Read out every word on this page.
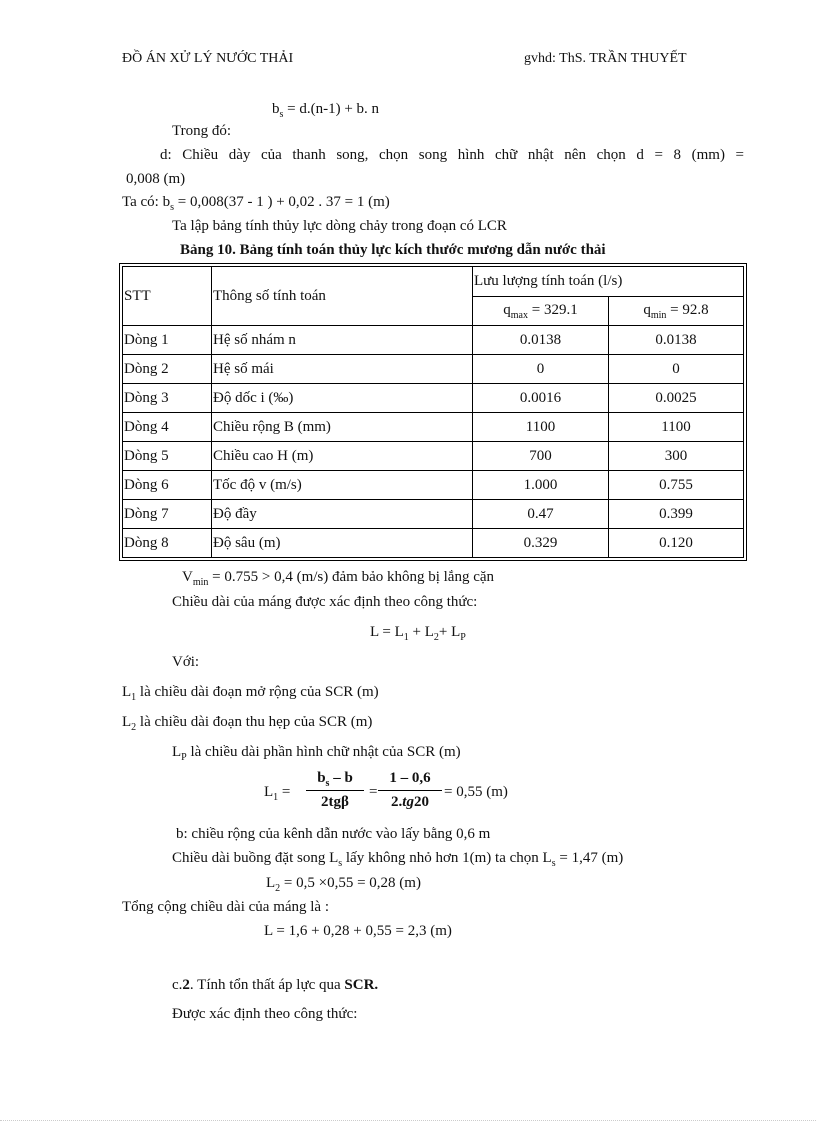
ĐỒ ÁN XỬ LÝ NƯỚC THẢI	gvhd: ThS. TRẦN THUYẾT
$b_s = d.(n-1) + b$. n
Trong đó:
d: Chiều dày của thanh song, chọn song hình chữ nhật nên chọn d = 8 (mm) =
0,008 (m)
Ta có: $b_s = 0,008(37 - 1$ ) + 0,02 . 37 = 1 (m)
Ta lập bảng tính thủy lực dòng chảy trong đoạn có LCR
Bảng 10. Bảng tính toán thủy lực kích thước mương dẫn nước thải
STT	Thông số tính toán	Lưu lượng tính toán (l/s)	
		$q_{max} = 329.1$	$q_{min} = 92.8$
Dòng 1	Hệ số nhám n	0.0138	0.0138
Dòng 2	Hệ số mái	0	0
Dòng 3	Độ dốc i (‰)	0.0016	0.0025
Dòng 4	Chiều rộng B (mm)	1100	1100
Dòng 5	Chiều cao H (m)	700	300
Dòng 6	Tốc độ v (m/s)	1.000	0.755
Dòng 7	Độ đầy	0.47	0.399
Dòng 8	Độ sâu (m)	0.329	0.120
$V_{min} = 0.755 > 0,4$ (m/s) đảm bảo không bị lắng cặn
Chiều dài của máng được xác định theo công thức:
$L = L_1 + L_2+ L_P$
Với:
$L_1$ là chiều dài đoạn mở rộng của SCR (m)
$L_2$ là chiều dài đoạn thu hẹp của SCR (m)
$L_P$ là chiều dài phần hình chữ nhật của SCR (m)
$L_1$ =
$b_s$ – b
2tgβ
= $\frac{1 - 0,6}{2.tg20} = 0,55$ (m)
b: chiều rộng của kênh dẫn nước vào lấy bằng 0,6 m
Chiều dài buồng đặt song $L_s$ lấy không nhỏ hơn 1(m) ta chọn $L_s = 1,47$ (m)
$L_2 = 0,5 \times 0,55 = 0,28$ (m)
Tổng cộng chiều dài của máng là :
L = 1,6 + 0,28 + 0,55 = 2,3 (m)
c.2. Tính tổn thất áp lực qua SCR.
Được xác định theo công thức:
